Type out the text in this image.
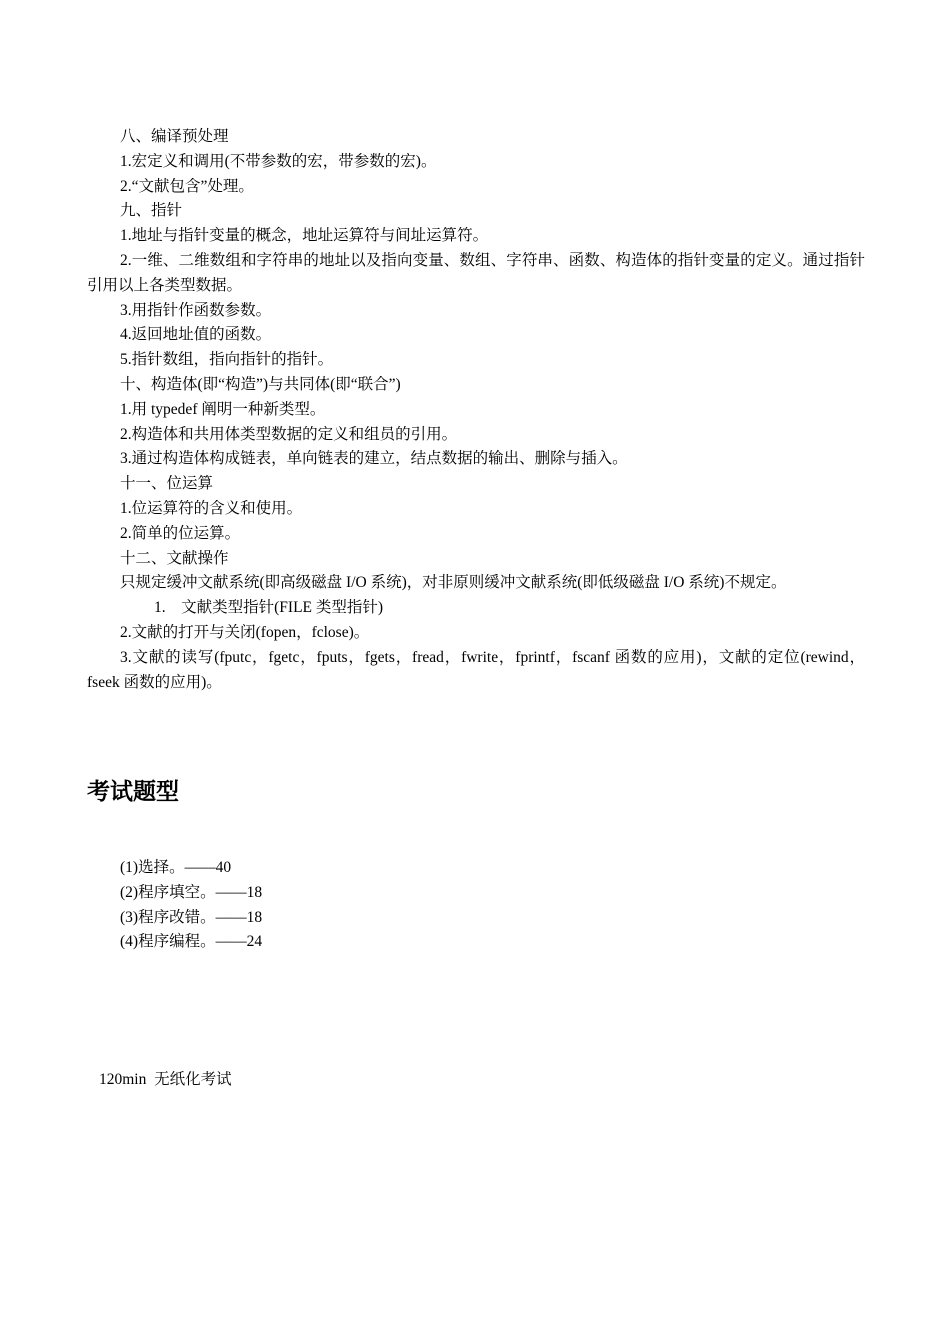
八、编译预处理
1.宏定义和调用(不带参数的宏，带参数的宏)。
2.“文献包含”处理。
九、指针
1.地址与指针变量的概念，地址运算符与间址运算符。
2.一维、二维数组和字符串的地址以及指向变量、数组、字符串、函数、构造体的指针变量的定义。通过指针引用以上各类型数据。
3.用指针作函数参数。
4.返回地址值的函数。
5.指针数组，指向指针的指针。
十、构造体(即“构造”)与共同体(即“联合”)
1.用 typedef 阐明一种新类型。
2.构造体和共用体类型数据的定义和组员的引用。
3.通过构造体构成链表，单向链表的建立，结点数据的输出、删除与插入。
十一、位运算
1.位运算符的含义和使用。
2.简单的位运算。
十二、文献操作
只规定缓冲文献系统(即高级磁盘 I/O 系统)，对非原则缓冲文献系统(即低级磁盘 I/O 系统)不规定。
1.　文献类型指针(FILE 类型指针)
2.文献的打开与关闭(fopen，fclose)。
3.文献的读写(fputc，fgetc，fputs，fgets，fread，fwrite，fprintf，fscanf 函数的应用)，文献的定位(rewind，fseek 函数的应用)。
考试题型
(1)选择。——40
(2)程序填空。——18
(3)程序改错。——18
(4)程序编程。——24
120min  无纸化考试
